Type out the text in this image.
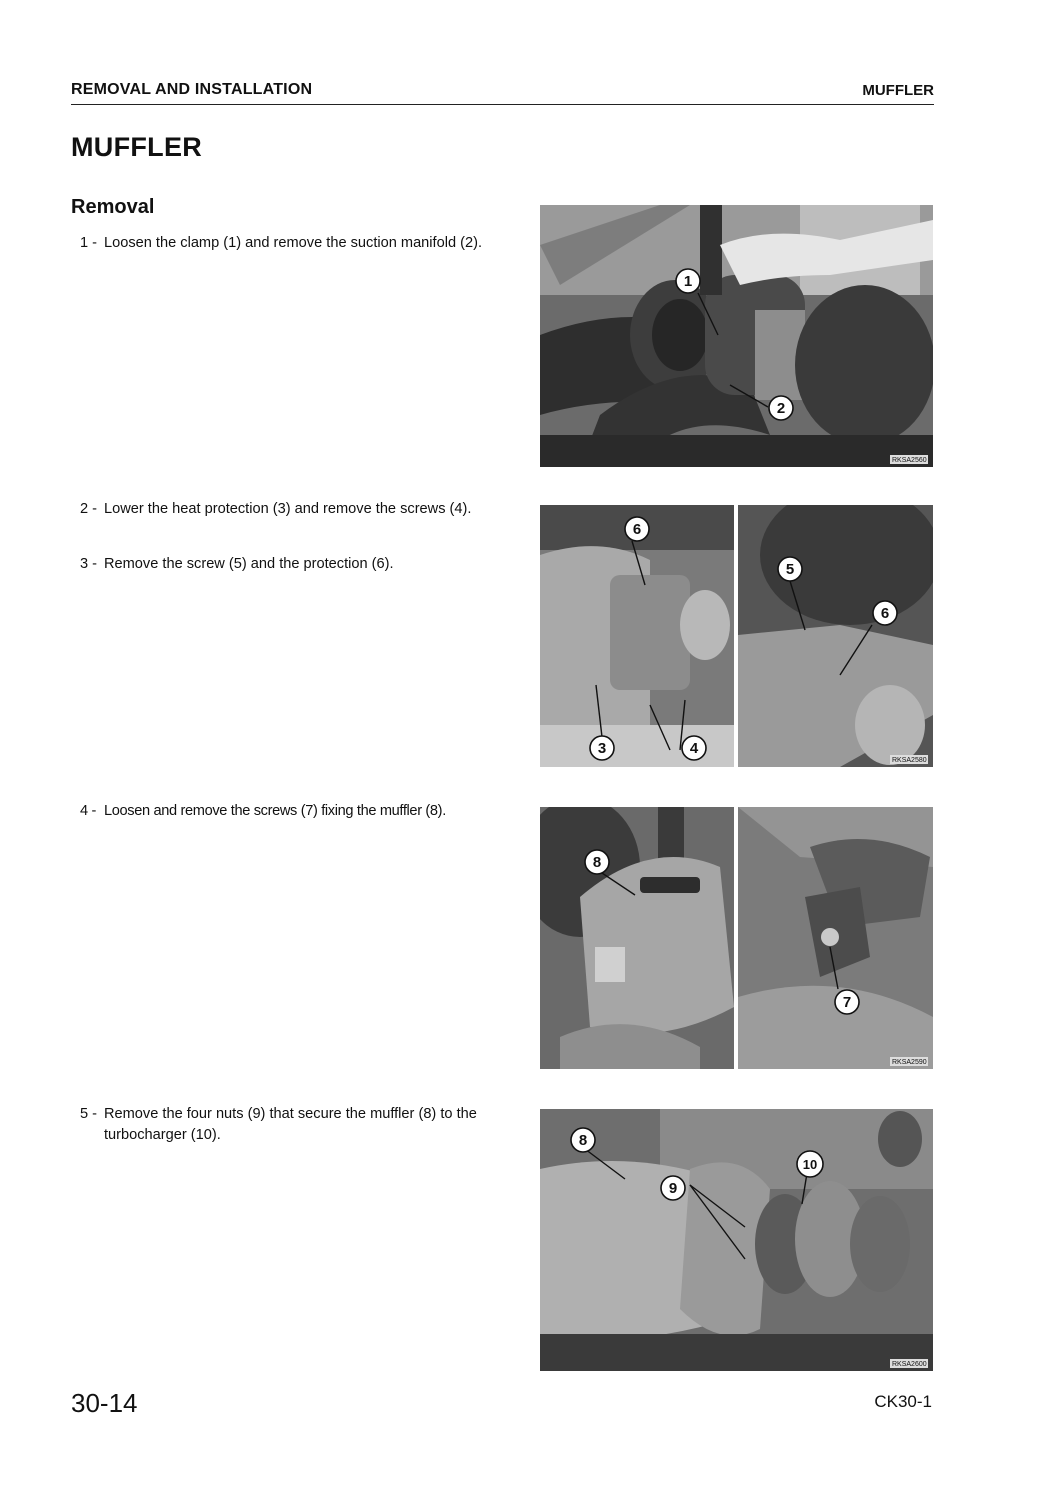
REMOVAL AND INSTALLATION	MUFFLER
MUFFLER
Removal
1 - Loosen the clamp (1) and remove the suction manifold (2).
2 - Lower the heat protection (3) and remove the screws (4).
3 - Remove the screw (5) and the protection (6).
4 - Loosen and remove the screws (7) fixing the muffler (8).
5 - Remove the four nuts (9) that secure the muffler (8) to the turbocharger (10).
1
2
RKSA2560
6
3	4
5
6
RKSA2580
8
7
RKSA2590
8
10
9
RKSA2600
30-14	CK30-1
